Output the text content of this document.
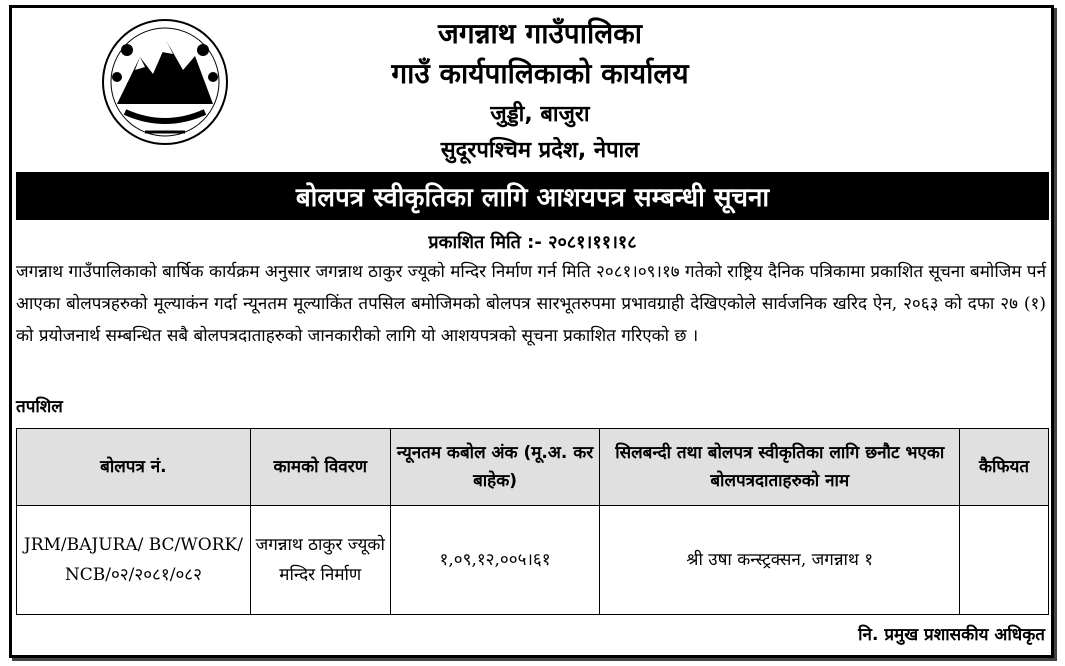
जगन्नाथ गाउँपालिका
गाउँ कार्यपालिकाको कार्यालय
जुड्डी, बाजुरा
सुदूरपश्चिम प्रदेश, नेपाल
बोलपत्र स्वीकृतिका लागि आशयपत्र सम्बन्धी सूचना
प्रकाशित मिति :- २०८१।११।१८
जगन्नाथ गाउँपालिकाको बार्षिक कार्यक्रम अनुसार जगन्नाथ ठाकुर ज्यूको मन्दिर निर्माण गर्न मिति २०८१।०९।१७ गतेको राष्ट्रिय दैनिक पत्रिकामा प्रकाशित सूचना बमोजिम पर्न आएका बोलपत्रहरुको मूल्याकंन गर्दा न्यूनतम मूल्याकिंत तपसिल बमोजिमको बोलपत्र सारभूतरुपमा प्रभावग्राही देखिएकोले सार्वजनिक खरिद ऐन, २०६३ को दफा २७ (१) को प्रयोजनार्थ सम्बन्धित सबै बोलपत्रदाताहरुको जानकारीको लागि यो आशयपत्रको सूचना प्रकाशित गरिएको छ ।
तपशिल
बोलपत्र नं.	कामको विवरण	न्यूनतम कबोल अंक (मू.अ. कर बाहेक)	सिलबन्दी तथा बोलपत्र स्वीकृतिका लागि छनौट भएका बोलपत्रदाताहरुको नाम	कैफियत
JRM/BAJURA/ BC/WORK/ NCB/०२/२०८१/०८२	जगन्नाथ ठाकुर ज्यूको मन्दिर निर्माण	१,०९,१२,००५।६१	श्री उषा कन्स्ट्रक्सन, जगन्नाथ १	
नि. प्रमुख प्रशासकीय अधिकृत
